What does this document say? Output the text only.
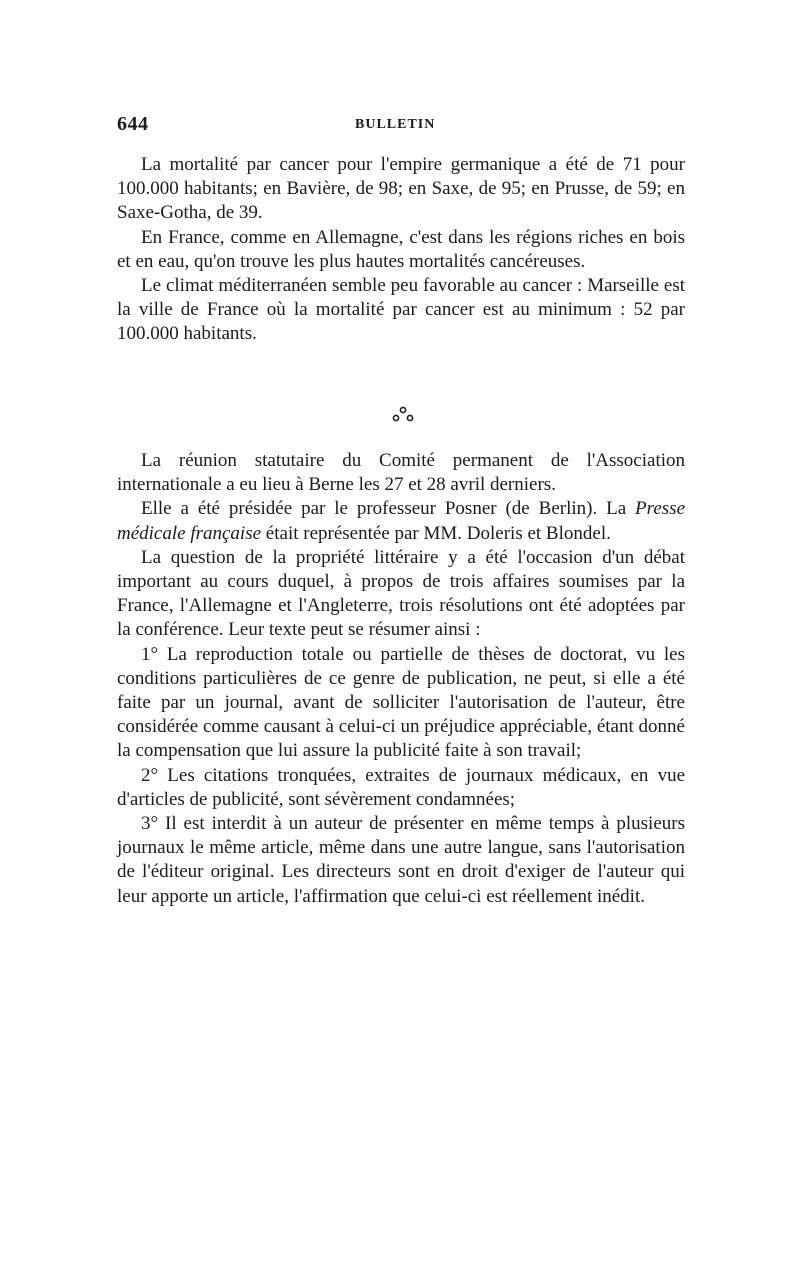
644	BULLETIN

La mortalité par cancer pour l'empire germanique a été de 71 pour 100.000 habitants; en Bavière, de 98; en Saxe, de 95; en Prusse, de 59; en Saxe-Gotha, de 39.

En France, comme en Allemagne, c'est dans les régions riches en bois et en eau, qu'on trouve les plus hautes mortalités cancéreuses.

Le climat méditerranéen semble peu favorable au cancer : Marseille est la ville de France où la mortalité par cancer est au minimum : 52 par 100.000 habitants.

La réunion statutaire du Comité permanent de l'Association internationale a eu lieu à Berne les 27 et 28 avril derniers.

Elle a été présidée par le professeur Posner (de Berlin). La Presse médicale française était représentée par MM. Doleris et Blondel.

La question de la propriété littéraire y a été l'occasion d'un débat important au cours duquel, à propos de trois affaires soumises par la France, l'Allemagne et l'Angleterre, trois résolutions ont été adoptées par la conférence. Leur texte peut se résumer ainsi :

1° La reproduction totale ou partielle de thèses de doctorat, vu les conditions particulières de ce genre de publication, ne peut, si elle a été faite par un journal, avant de solliciter l'autorisation de l'auteur, être considérée comme causant à celui-ci un préjudice appréciable, étant donné la compensation que lui assure la publicité faite à son travail;

2° Les citations tronquées, extraites de journaux médicaux, en vue d'articles de publicité, sont sévèrement condamnées;

3° Il est interdit à un auteur de présenter en même temps à plusieurs journaux le même article, même dans une autre langue, sans l'autorisation de l'éditeur original. Les directeurs sont en droit d'exiger de l'auteur qui leur apporte un article, l'affirmation que celui-ci est réellement inédit.
